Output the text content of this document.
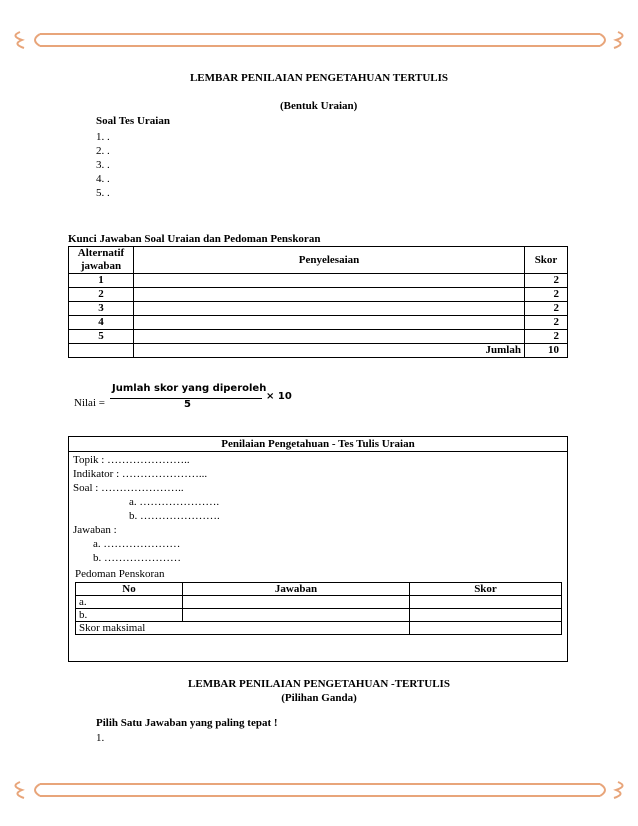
LEMBAR PENILAIAN PENGETAHUAN TERTULIS
(Bentuk Uraian)
Soal Tes Uraian
1. .
2. .
3. .
4. .
5. .
Kunci Jawaban Soal Uraian dan Pedoman Penskoran
Alternatif jawaban	Penyelesaian	Skor
1		2
2		2
3		2
4		2
5		2
	Jumlah	10
Jumlah skor yang diperoleh
5
× 10
Nilai =
Penilaian Pengetahuan - Tes Tulis Uraian
Topik : …………………..
Indikator : …………………...
Soal : …………………..
a. ………………….
b. ………………….
Jawaban :
a. …………………
b. …………………
Pedoman Penskoran
No	Jawaban	Skor
a.		
b.		
Skor maksimal		
LEMBAR PENILAIAN PENGETAHUAN -TERTULIS
(Pilihan Ganda)
Pilih Satu Jawaban yang paling tepat !
1.
